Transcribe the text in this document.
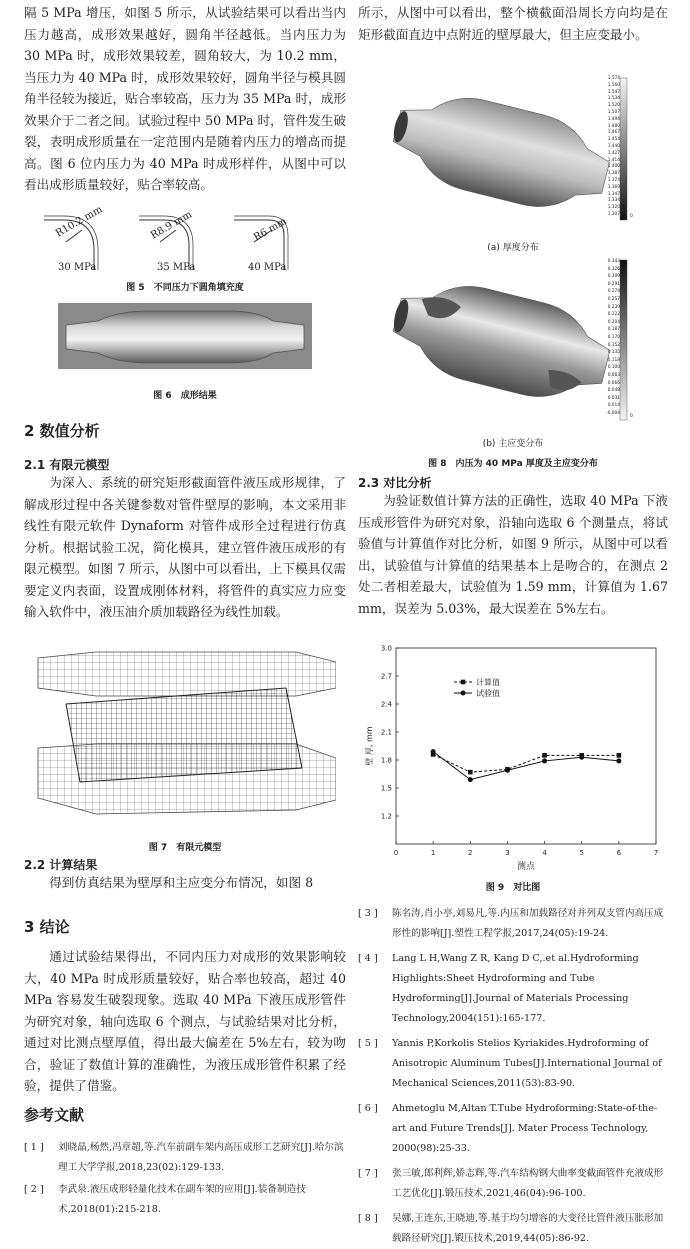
隔 5 MPa 增压，如图 5 所示，从试验结果可以看出当内压力越高，成形效果越好，圆角半径越低。当内压力为 30 MPa 时，成形效果较差，圆角较大，为 10.2 mm，当压力为 40 MPa 时，成形效果较好，圆角半径与模具圆角半径较为接近，贴合率较高，压力为 35 MPa 时，成形效果介于二者之间。试验过程中 50 MPa 时，管件发生破裂，表明成形质量在一定范围内是随着内压力的增高而提高。图 6 位内压力为 40 MPa 时成形样件，从图中可以看出成形质量较好，贴合率较高。

R10.2 mm	R8.9 mm	R6 mm
30 MPa	35 MPa	40 MPa

图 5　不同压力下圆角填充度

图 6　成形结果

2 数值分析
2.1 有限元模型

为深入、系统的研究矩形截面管件液压成形规律，了解成形过程中各关键参数对管件壁厚的影响，本文采用非线性有限元软件 Dynaform 对管件成形全过程进行仿真分析。根据试验工况，简化模具，建立管件液压成形的有限元模型。如图 7 所示，从图中可以看出，上下模具仅需要定义内表面，设置成刚体材料，将管件的真实应力应变输入软件中，液压油介质加载路径为线性加载。

图 7　有限元模型

2.2 计算结果

得到仿真结果为壁厚和主应变分布情况，如图 8

3 结论

通过试验结果得出，不同内压力对成形的效果影响较大，40 MPa 时成形质量较好，贴合率也较高，超过 40 MPa 容易发生破裂现象。选取 40 MPa 下液压成形管件为研究对象，轴向选取 6 个测点，与试验结果对比分析，通过对比测点壁厚值，得出最大偏差在 5%左右，较为吻合，验证了数值计算的准确性，为液压成形管件积累了经验，提供了借鉴。

参考文献
[ 1 ]	刘晓晶,杨然,冯章超,等.汽车前副车架内高压成形工艺研究[J].哈尔滨理工大学学报,2018,23(02):129-133.
[ 2 ]	李武泉.液压成形轻量化技术在副车架的应用[J].装备制造技术,2018(01):215-218.

所示，从图中可以看出，整个横截面沿周长方向均是在矩形截面直边中点附近的壁厚最大，但主应变最小。

1.574
1.560
1.547
1.534
1.520
1.507
1.494
1.480
1.467
1.454
1.440
1.427
1.414
1.400
1.387
1.374
1.360
1.347
1.334
1.320
1.307 0

(a) 厚度分布

0.343
0.326
0.309
0.291
0.274
0.257
0.239
0.222
0.204
0.187
0.170
0.152
0.135
0.118
0.100
0.083
0.066
0.048
0.031
0.014
-0.004
0

(b) 主应变分布

图 8　内压为 40 MPa 厚度及主应变分布

2.3 对比分析

为验证数值计算方法的正确性，选取 40 MPa 下液压成形管件为研究对象，沿轴向选取 6 个测量点，将试验值与计算值作对比分析，如图 9 所示，从图中可以看出，试验值与计算值的结果基本上是吻合的，在测点 2 处二者相差最大，试验值为 1.59 mm，计算值为 1.67 mm，误差为 5.03%，最大误差在 5%左右。

0	1	2	3	4	5	6	7
1.2
1.5
1.8
2.1
2.4
2.7
3.0
测点
壁 厚, mm
计算值
试验值

图 9　对比图

[ 3 ]	陈名涛,肖小亭,刘易凡,等.内压和加载路径对并列双支管内高压成形性的影响[J].塑性工程学报,2017,24(05):19-24.
[ 4 ]	Lang L H,Wang Z R, Kang D C,.et al.Hydroforming Highlights:Sheet Hydroforming and Tube Hydroforming[J].Journal of Materials Processing Technology,2004(151):165-177.
[ 5 ]	Yannis P,Korkolis Stelios Kyriakides.Hydroforming of Anisotropic Aluminum Tubes[J].International Journal of Mechanical Sciences,2011(53):83-90.
[ 6 ]	Ahmetoglu M,Altan T.Tube Hydroforming:State-of-the-art and Future Trends[J]. Mater Process Technology, 2000(98):25-33.
[ 7 ]	张三敏,郎利辉,娇志辉,等.汽车结构钢大曲率变截面管件充液成形工艺优化[J].锻压技术,2021,46(04):96-100.
[ 8 ]	吴娜,王连东,王晓迪,等.基于均匀增容的大变径比管件液压胀形加载路径研究[J].锻压技术,2019,44(05):86-92.
